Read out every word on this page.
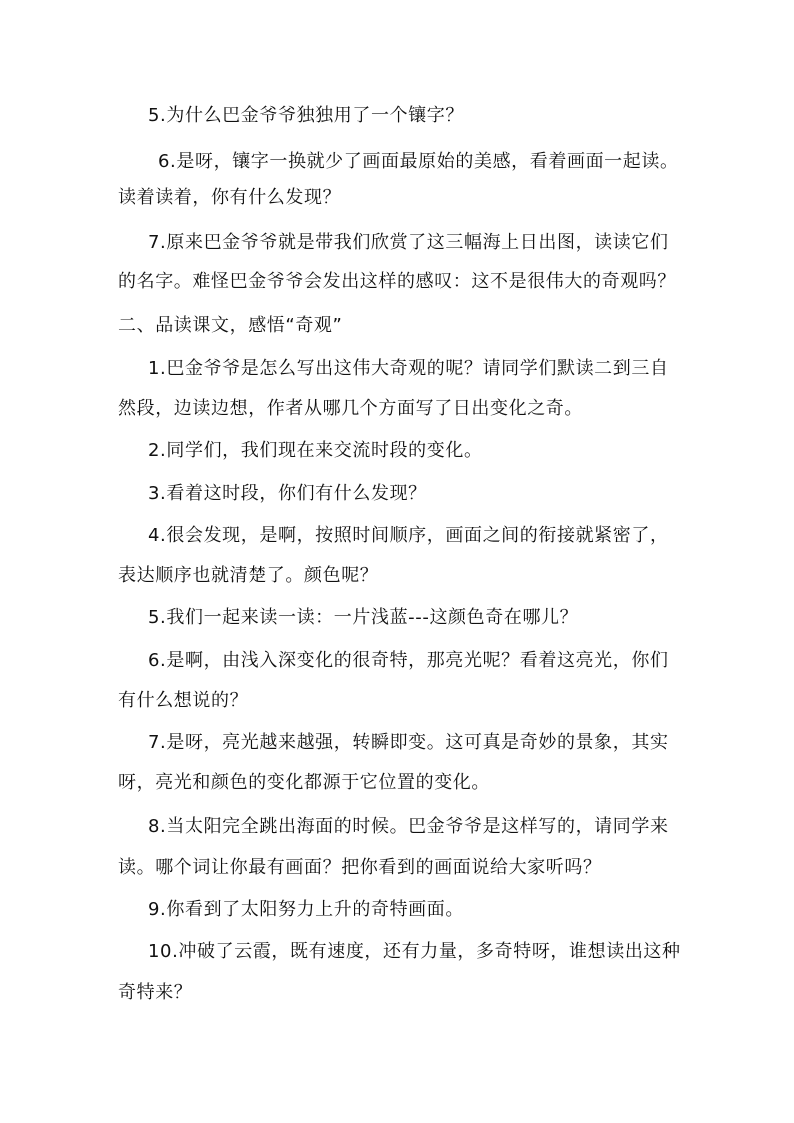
5.为什么巴金爷爷独独用了一个镶字？
6.是呀，镶字一换就少了画面最原始的美感，看着画面一起读。
读着读着，你有什么发现？
7.原来巴金爷爷就是带我们欣赏了这三幅海上日出图，读读它们
的名字。难怪巴金爷爷会发出这样的感叹：这不是很伟大的奇观吗？
二、品读课文，感悟“奇观”
1.巴金爷爷是怎么写出这伟大奇观的呢？请同学们默读二到三自
然段，边读边想，作者从哪几个方面写了日出变化之奇。
2.同学们，我们现在来交流时段的变化。
3.看着这时段，你们有什么发现？
4.很会发现，是啊，按照时间顺序，画面之间的衔接就紧密了，
表达顺序也就清楚了。颜色呢？
5.我们一起来读一读：一片浅蓝---这颜色奇在哪儿？
6.是啊，由浅入深变化的很奇特，那亮光呢？看着这亮光，你们
有什么想说的？
7.是呀，亮光越来越强，转瞬即变。这可真是奇妙的景象，其实
呀，亮光和颜色的变化都源于它位置的变化。
8.当太阳完全跳出海面的时候。巴金爷爷是这样写的，请同学来
读。哪个词让你最有画面？把你看到的画面说给大家听吗？
9.你看到了太阳努力上升的奇特画面。
10.冲破了云霞，既有速度，还有力量，多奇特呀，谁想读出这种
奇特来？
